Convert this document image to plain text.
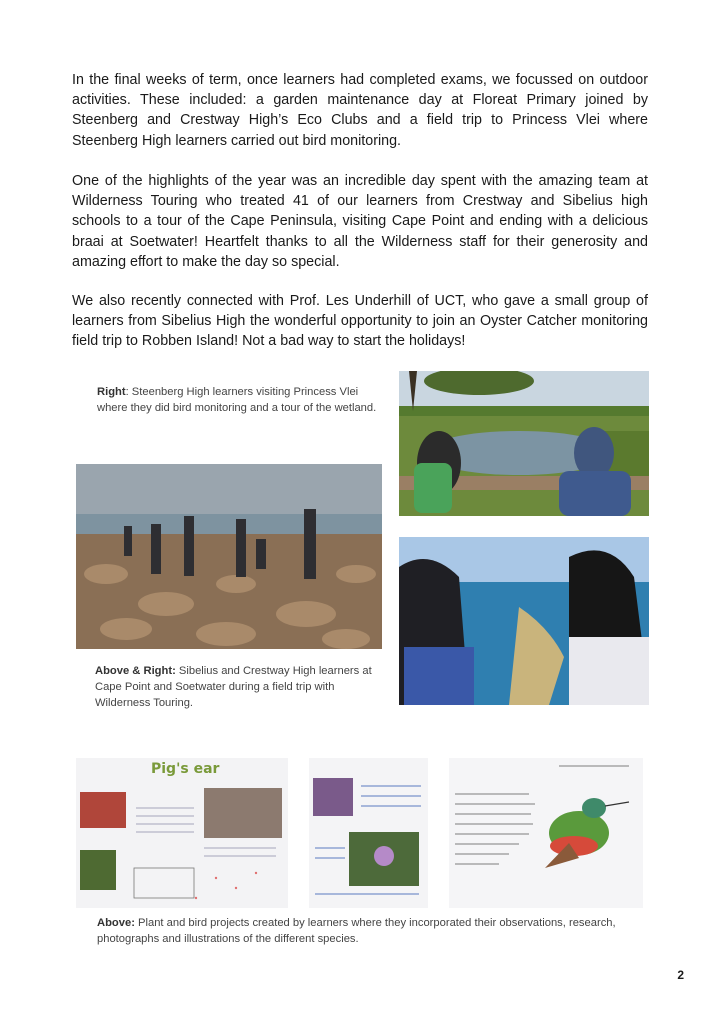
In the final weeks of term, once learners had completed exams, we focussed on outdoor activities. These included: a garden maintenance day at Floreat Primary joined by Steenberg and Crestway High’s Eco Clubs and a field trip to Princess Vlei where Steenberg High learners carried out bird monitoring.

One of the highlights of the year was an incredible day spent with the amazing team at Wilderness Touring who treated 41 of our learners from Crestway and Sibelius high schools to a tour of the Cape Peninsula, visiting Cape Point and ending with a delicious braai at Soetwater! Heartfelt thanks to all the Wilderness staff for their generosity and amazing effort to make the day so special.

We also recently connected with Prof. Les Underhill of UCT, who gave a small group of learners from Sibelius High the wonderful opportunity to join an Oyster Catcher monitoring field trip to Robben Island! Not a bad way to start the holidays!

Right: Steenberg High learners visiting Princess Vlei where they did bird monitoring and a tour of the wetland.

Above & Right: Sibelius and Crestway High learners at Cape Point and Soetwater during a field trip with Wilderness Touring.

Pig's ear

Above: Plant and bird projects created by learners where they incorporated their observations, research, photographs and illustrations of the different species.

2
